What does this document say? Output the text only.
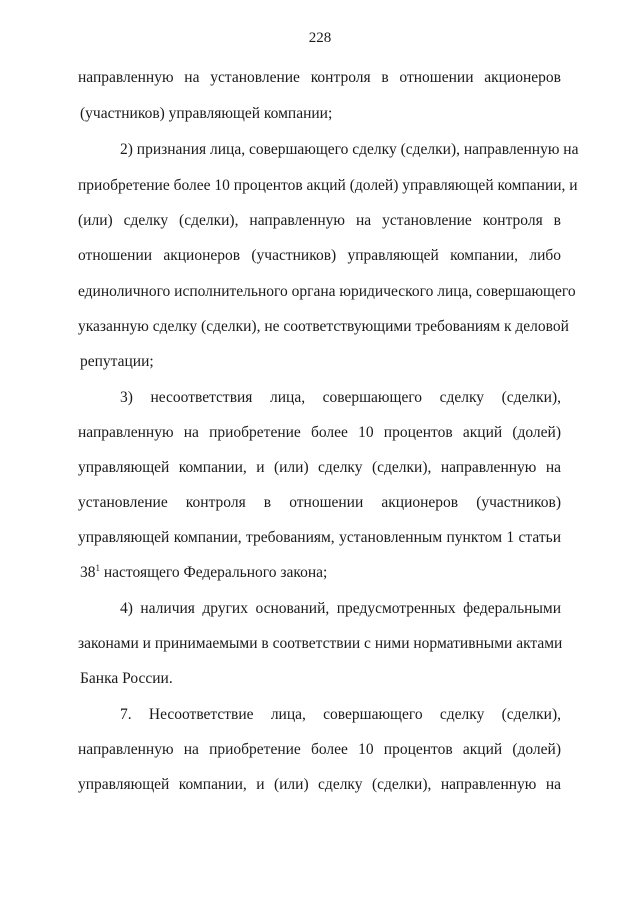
228
направленную на установление контроля в отношении акционеров
(участников) управляющей компании;
2) признания лица, совершающего сделку (сделки), направленную на
приобретение более 10 процентов акций (долей) управляющей компании, и
(или) сделку (сделки), направленную на установление контроля в
отношении акционеров (участников) управляющей компании, либо
единоличного исполнительного органа юридического лица, совершающего
указанную сделку (сделки), не соответствующими требованиям к деловой
репутации;
3) несоответствия лица, совершающего сделку (сделки),
направленную на приобретение более 10 процентов акций (долей)
управляющей компании, и (или) сделку (сделки), направленную на
установление контроля в отношении акционеров (участников)
управляющей компании, требованиям, установленным пунктом 1 статьи
$38^1$ настоящего Федерального закона;
4) наличия других оснований, предусмотренных федеральными
законами и принимаемыми в соответствии с ними нормативными актами
Банка России.
7. Несоответствие лица, совершающего сделку (сделки),
направленную на приобретение более 10 процентов акций (долей)
управляющей компании, и (или) сделку (сделки), направленную на
